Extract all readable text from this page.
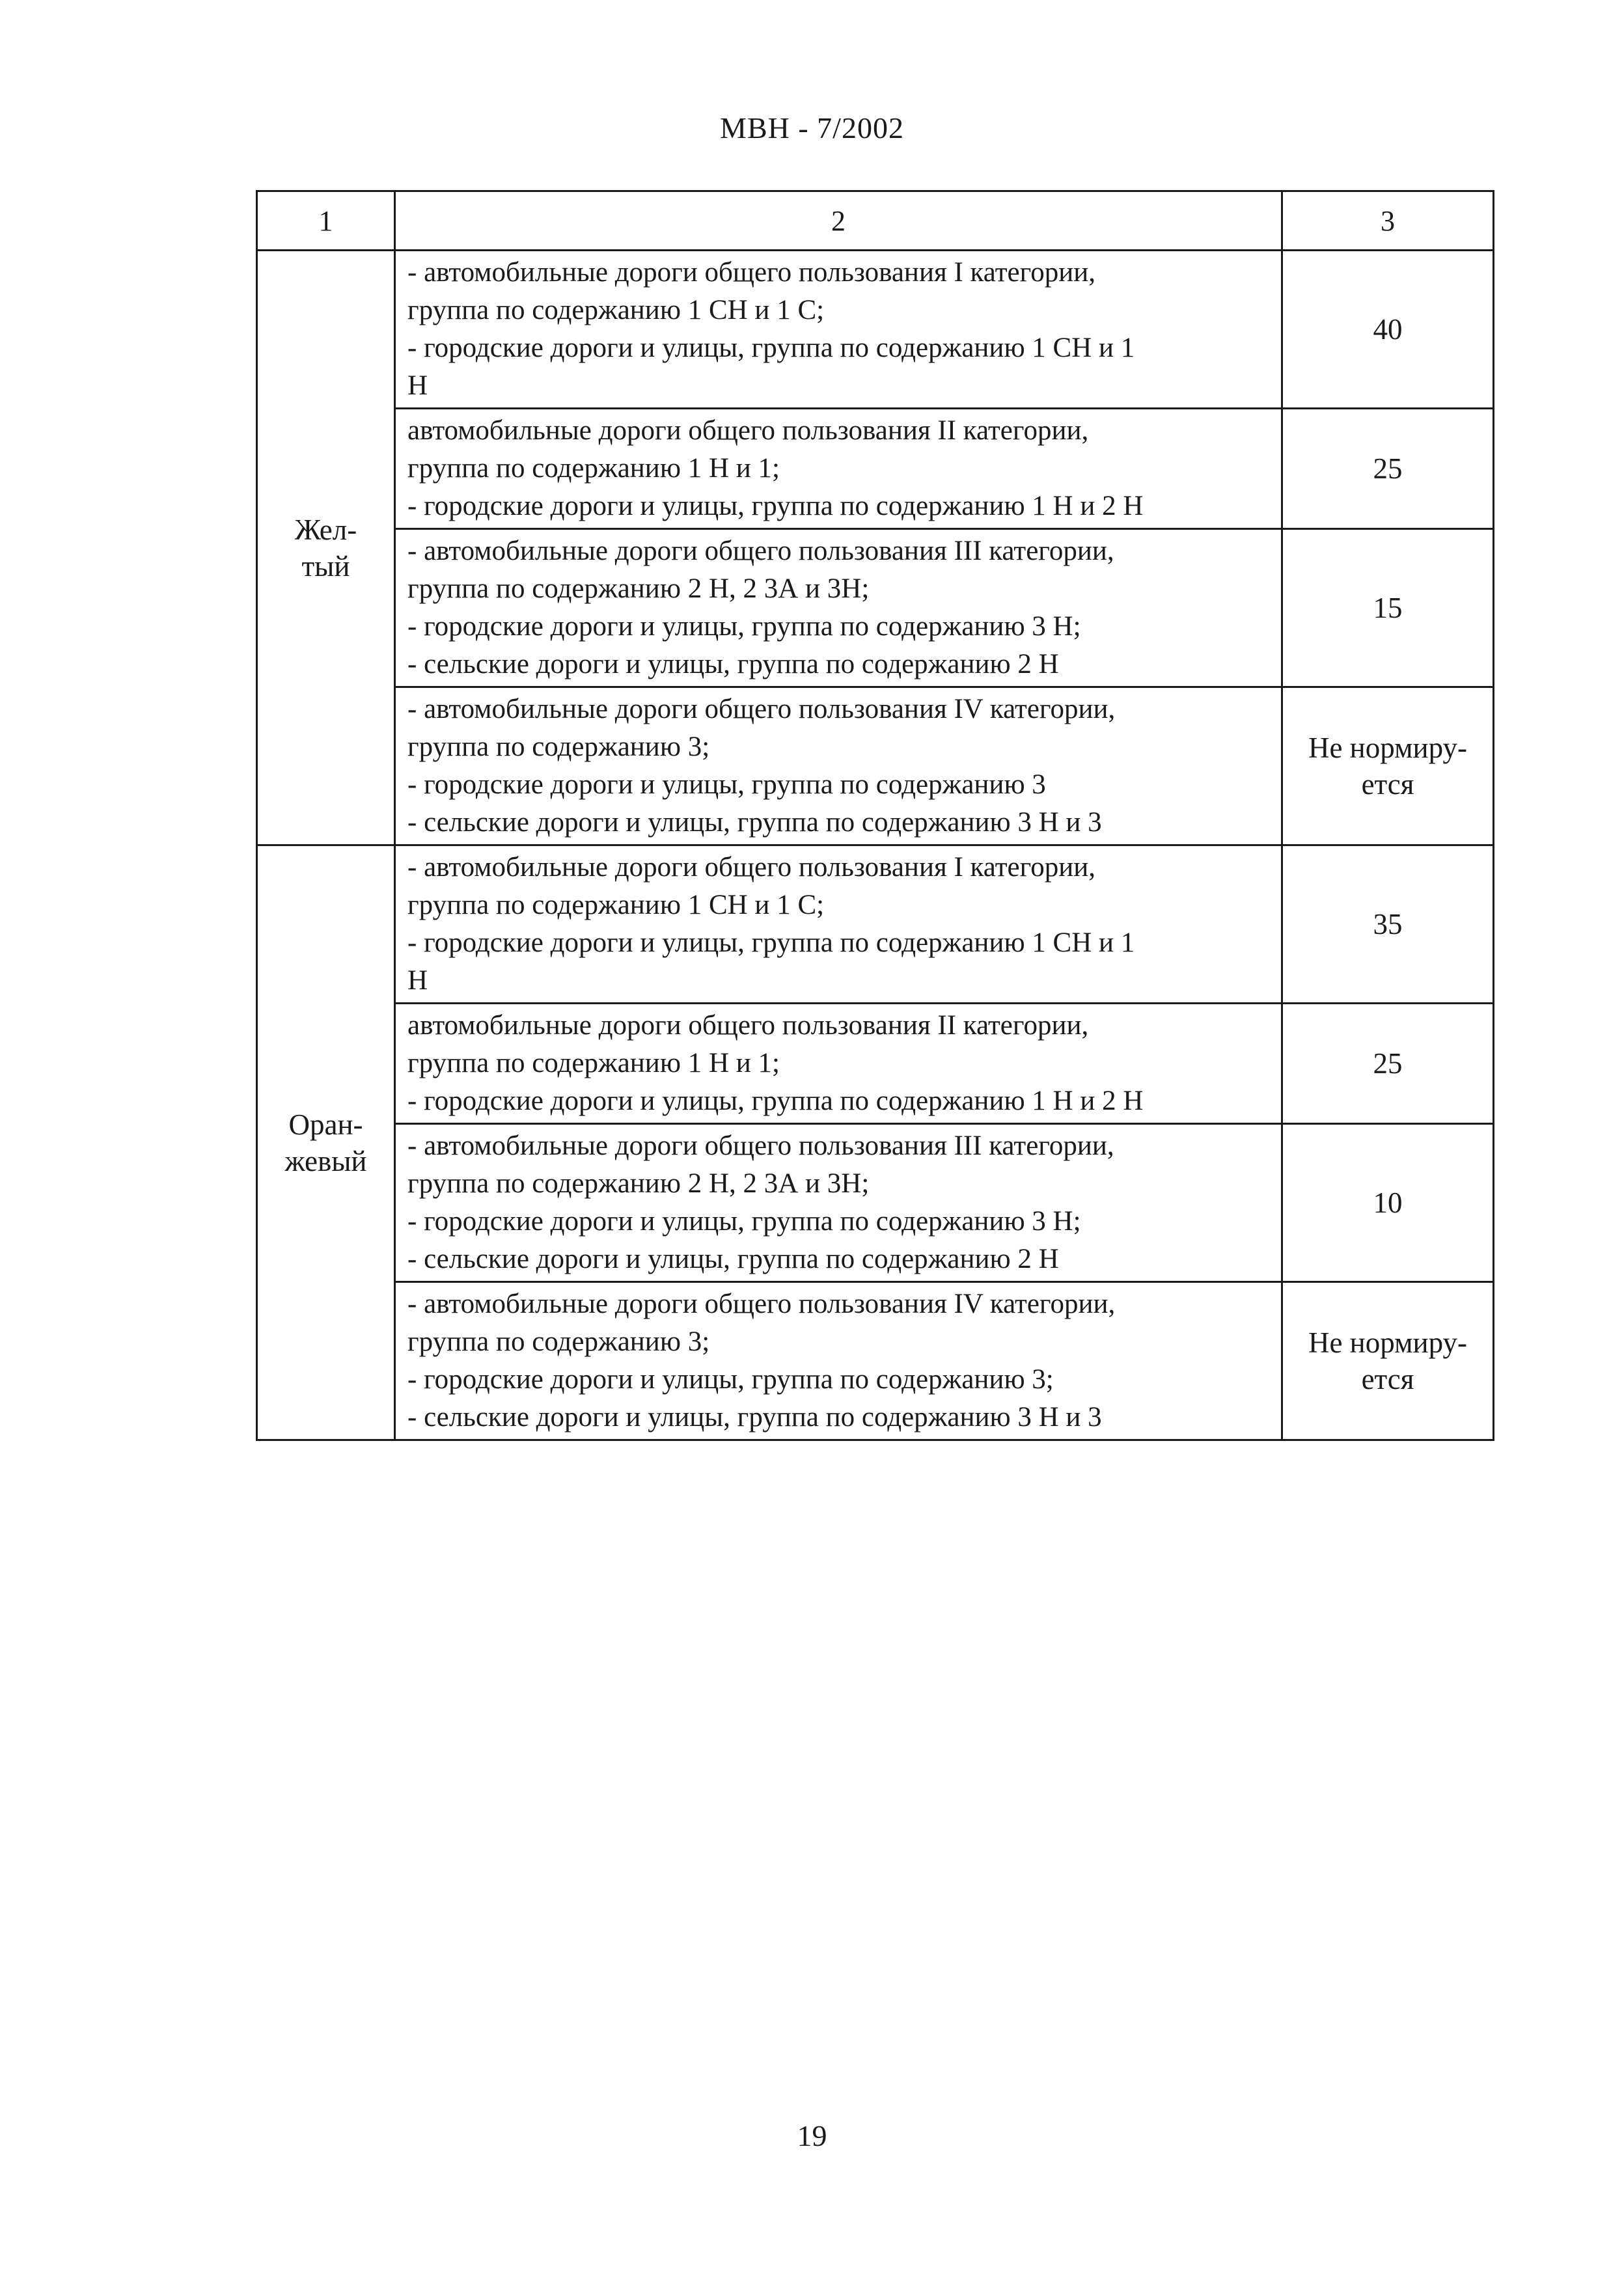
МВН - 7/2002
1	2	3

Жел-
тый	- автомобильные дороги общего пользования I категории,
группа по содержанию 1 СН и 1 С;
- городские дороги и улицы, группа по содержанию 1 СН и 1
Н	40

	автомобильные дороги общего пользования II категории,
группа по содержанию 1 Н и 1;
- городские дороги и улицы, группа по содержанию 1 Н и 2 Н	25

	- автомобильные дороги общего пользования III категории,
группа по содержанию 2 Н, 2 3А и 3Н;
- городские дороги и улицы, группа по содержанию 3 Н;
- сельские дороги и улицы, группа по содержанию 2 Н	15

	- автомобильные дороги общего пользования IV категории,
группа по содержанию 3;
- городские дороги и улицы, группа по содержанию 3
- сельские дороги и улицы, группа по содержанию 3 Н и 3	Не нормиру-
ется

Оран-
жевый	- автомобильные дороги общего пользования I категории,
группа по содержанию 1 СН и 1 С;
- городские дороги и улицы, группа по содержанию 1 СН и 1
Н	35

	автомобильные дороги общего пользования II категории,
группа по содержанию 1 Н и 1;
- городские дороги и улицы, группа по содержанию 1 Н и 2 Н	25

	- автомобильные дороги общего пользования III категории,
группа по содержанию 2 Н, 2 3А и 3Н;
- городские дороги и улицы, группа по содержанию 3 Н;
- сельские дороги и улицы, группа по содержанию 2 Н	10

	- автомобильные дороги общего пользования IV категории,
группа по содержанию 3;
- городские дороги и улицы, группа по содержанию 3;
- сельские дороги и улицы, группа по содержанию 3 Н и 3	Не нормиру-
ется
19
